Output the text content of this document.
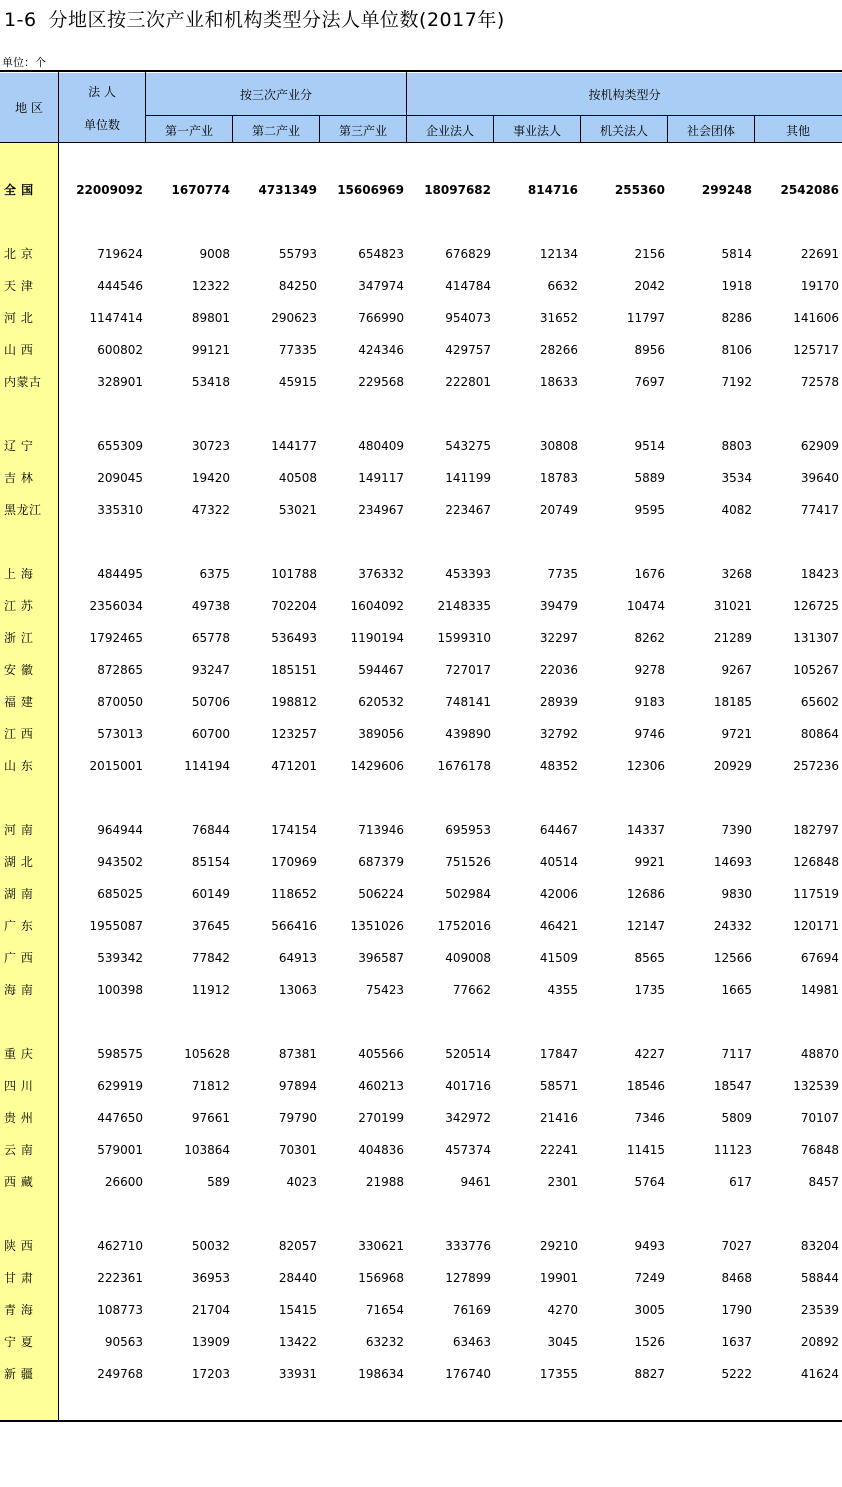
1-6 分地区按三次产业和机构类型分法人单位数(2017年)
单位：个
地 区
法 人
单位数
按三次产业分	按机构类型分
第一产业	第二产业	第三产业	企业法人	事业法人	机关法人	社会团体	其他
全 国	22009092	1670774	4731349	15606969	18097682	814716	255360	299248	2542086
北 京	719624	9008	55793	654823	676829	12134	2156	5814	22691
天 津	444546	12322	84250	347974	414784	6632	2042	1918	19170
河 北	1147414	89801	290623	766990	954073	31652	11797	8286	141606
山 西	600802	99121	77335	424346	429757	28266	8956	8106	125717
内蒙古	328901	53418	45915	229568	222801	18633	7697	7192	72578
辽 宁	655309	30723	144177	480409	543275	30808	9514	8803	62909
吉 林	209045	19420	40508	149117	141199	18783	5889	3534	39640
黑龙江	335310	47322	53021	234967	223467	20749	9595	4082	77417
上 海	484495	6375	101788	376332	453393	7735	1676	3268	18423
江 苏	2356034	49738	702204	1604092	2148335	39479	10474	31021	126725
浙 江	1792465	65778	536493	1190194	1599310	32297	8262	21289	131307
安 徽	872865	93247	185151	594467	727017	22036	9278	9267	105267
福 建	870050	50706	198812	620532	748141	28939	9183	18185	65602
江 西	573013	60700	123257	389056	439890	32792	9746	9721	80864
山 东	2015001	114194	471201	1429606	1676178	48352	12306	20929	257236
河 南	964944	76844	174154	713946	695953	64467	14337	7390	182797
湖 北	943502	85154	170969	687379	751526	40514	9921	14693	126848
湖 南	685025	60149	118652	506224	502984	42006	12686	9830	117519
广 东	1955087	37645	566416	1351026	1752016	46421	12147	24332	120171
广 西	539342	77842	64913	396587	409008	41509	8565	12566	67694
海 南	100398	11912	13063	75423	77662	4355	1735	1665	14981
重 庆	598575	105628	87381	405566	520514	17847	4227	7117	48870
四 川	629919	71812	97894	460213	401716	58571	18546	18547	132539
贵 州	447650	97661	79790	270199	342972	21416	7346	5809	70107
云 南	579001	103864	70301	404836	457374	22241	11415	11123	76848
西 藏	26600	589	4023	21988	9461	2301	5764	617	8457
陕 西	462710	50032	82057	330621	333776	29210	9493	7027	83204
甘 肃	222361	36953	28440	156968	127899	19901	7249	8468	58844
青 海	108773	21704	15415	71654	76169	4270	3005	1790	23539
宁 夏	90563	13909	13422	63232	63463	3045	1526	1637	20892
新 疆	249768	17203	33931	198634	176740	17355	8827	5222	41624
